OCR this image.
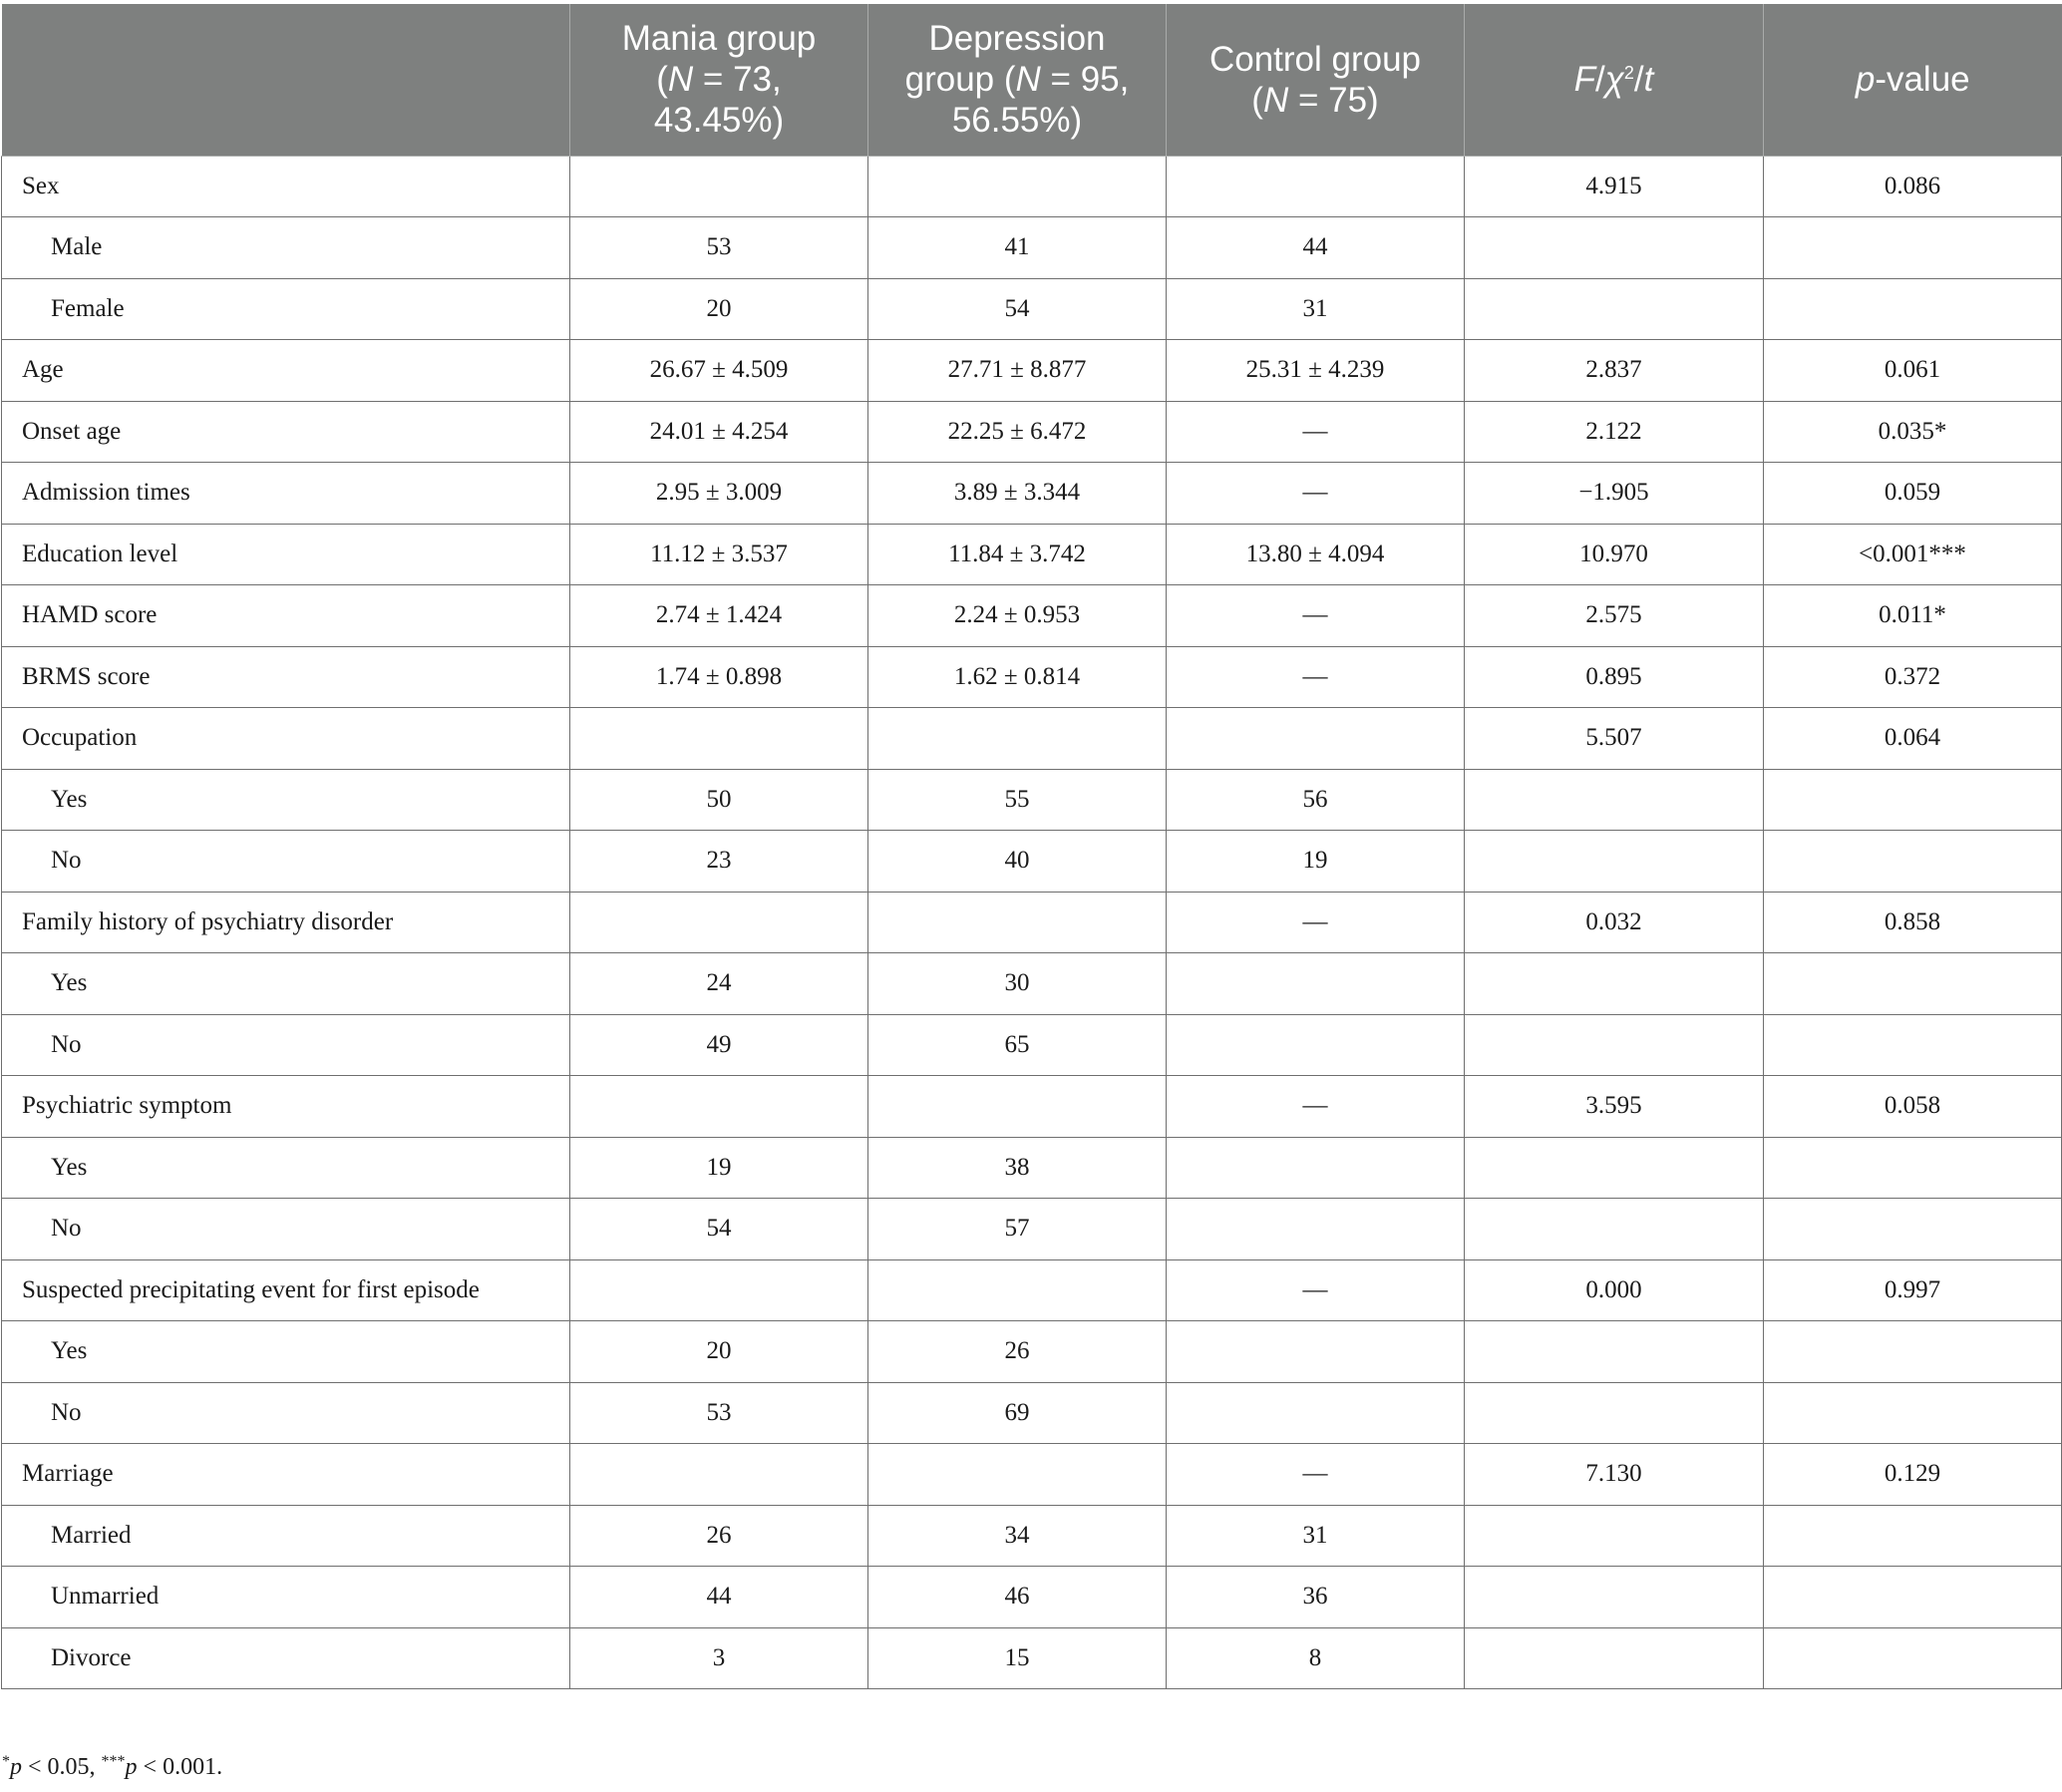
	Mania group
(N = 73,
43.45%)	Depression
group (N = 95,
56.55%)	Control group
(N = 75)	$F/\chi^2/t$	p-value
Sex				4.915	0.086
Male	53	41	44		
Female	20	54	31		
Age	26.67 ± 4.509	27.71 ± 8.877	25.31 ± 4.239	2.837	0.061
Onset age	24.01 ± 4.254	22.25 ± 6.472	—	2.122	0.035*
Admission times	2.95 ± 3.009	3.89 ± 3.344	—	−1.905	0.059
Education level	11.12 ± 3.537	11.84 ± 3.742	13.80 ± 4.094	10.970	<0.001***
HAMD score	2.74 ± 1.424	2.24 ± 0.953	—	2.575	0.011*
BRMS score	1.74 ± 0.898	1.62 ± 0.814	—	0.895	0.372
Occupation				5.507	0.064
Yes	50	55	56		
No	23	40	19		
Family history of psychiatry disorder			—	0.032	0.858
Yes	24	30			
No	49	65			
Psychiatric symptom			—	3.595	0.058
Yes	19	38			
No	54	57			
Suspected precipitating event for first episode			—	0.000	0.997
Yes	20	26			
No	53	69			
Marriage			—	7.130	0.129
Married	26	34	31		
Unmarried	44	46	36		
Divorce	3	15	8		
*p < 0.05, ***p < 0.001.
